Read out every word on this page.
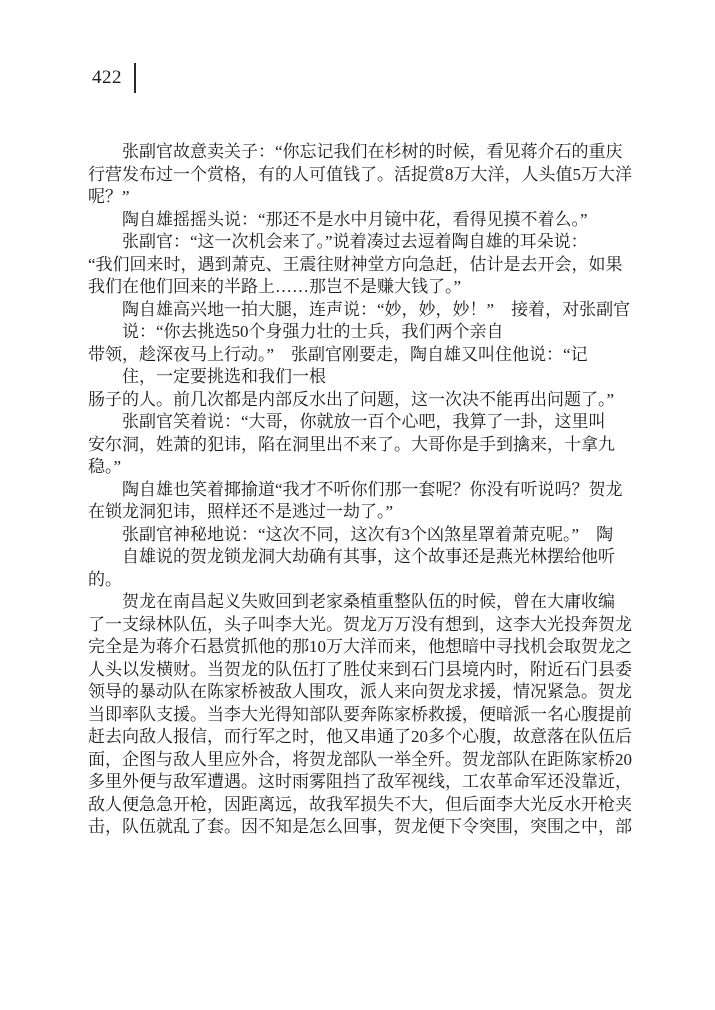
422
张副官故意卖关子：“你忘记我们在杉树的时候，看见蒋介石的重庆
行营发布过一个赏格，有的人可值钱了。活捉赏8万大洋，人头值5万大洋
呢？”
陶自雄摇摇头说：“那还不是水中月镜中花，看得见摸不着么。”
张副官：“这一次机会来了。”说着凑过去逗着陶自雄的耳朵说：
“我们回来时，遇到萧克、王震往财神堂方向急赶，估计是去开会，如果
我们在他们回来的半路上……那岂不是赚大钱了。”
陶自雄高兴地一拍大腿，连声说：“妙，妙，妙！”　接着，对张副官
说：“你去挑选50个身强力壮的士兵，我们两个亲自
带领，趁深夜马上行动。”　张副官刚要走，陶自雄又叫住他说：“记
住，一定要挑选和我们一根
肠子的人。前几次都是内部反水出了问题，这一次决不能再出问题了。”
张副官笑着说：“大哥，你就放一百个心吧，我算了一卦，这里叫
安尔洞，姓萧的犯讳，陷在洞里出不来了。大哥你是手到擒来，十拿九
稳。”
陶自雄也笑着揶揄道“我才不听你们那一套呢？你没有听说吗？贺龙
在锁龙洞犯讳，照样还不是逃过一劫了。”
张副官神秘地说：“这次不同，这次有3个凶煞星罩着萧克呢。”　陶
自雄说的贺龙锁龙洞大劫确有其事，这个故事还是燕光林摆给他听
的。
贺龙在南昌起义失败回到老家桑植重整队伍的时候，曾在大庸收编
了一支绿林队伍，头子叫李大光。贺龙万万没有想到，这李大光投奔贺龙
完全是为蒋介石悬赏抓他的那10万大洋而来，他想暗中寻找机会取贺龙之
人头以发横财。当贺龙的队伍打了胜仗来到石门县境内时，附近石门县委
领导的暴动队在陈家桥被敌人围攻，派人来向贺龙求援，情况紧急。贺龙
当即率队支援。当李大光得知部队要奔陈家桥救援，便暗派一名心腹提前
赶去向敌人报信，而行军之时，他又串通了20多个心腹，故意落在队伍后
面，企图与敌人里应外合，将贺龙部队一举全歼。贺龙部队在距陈家桥20
多里外便与敌军遭遇。这时雨雾阻挡了敌军视线，工农革命军还没靠近，
敌人便急急开枪，因距离远，故我军损失不大，但后面李大光反水开枪夹
击，队伍就乱了套。因不知是怎么回事，贺龙便下令突围，突围之中，部
